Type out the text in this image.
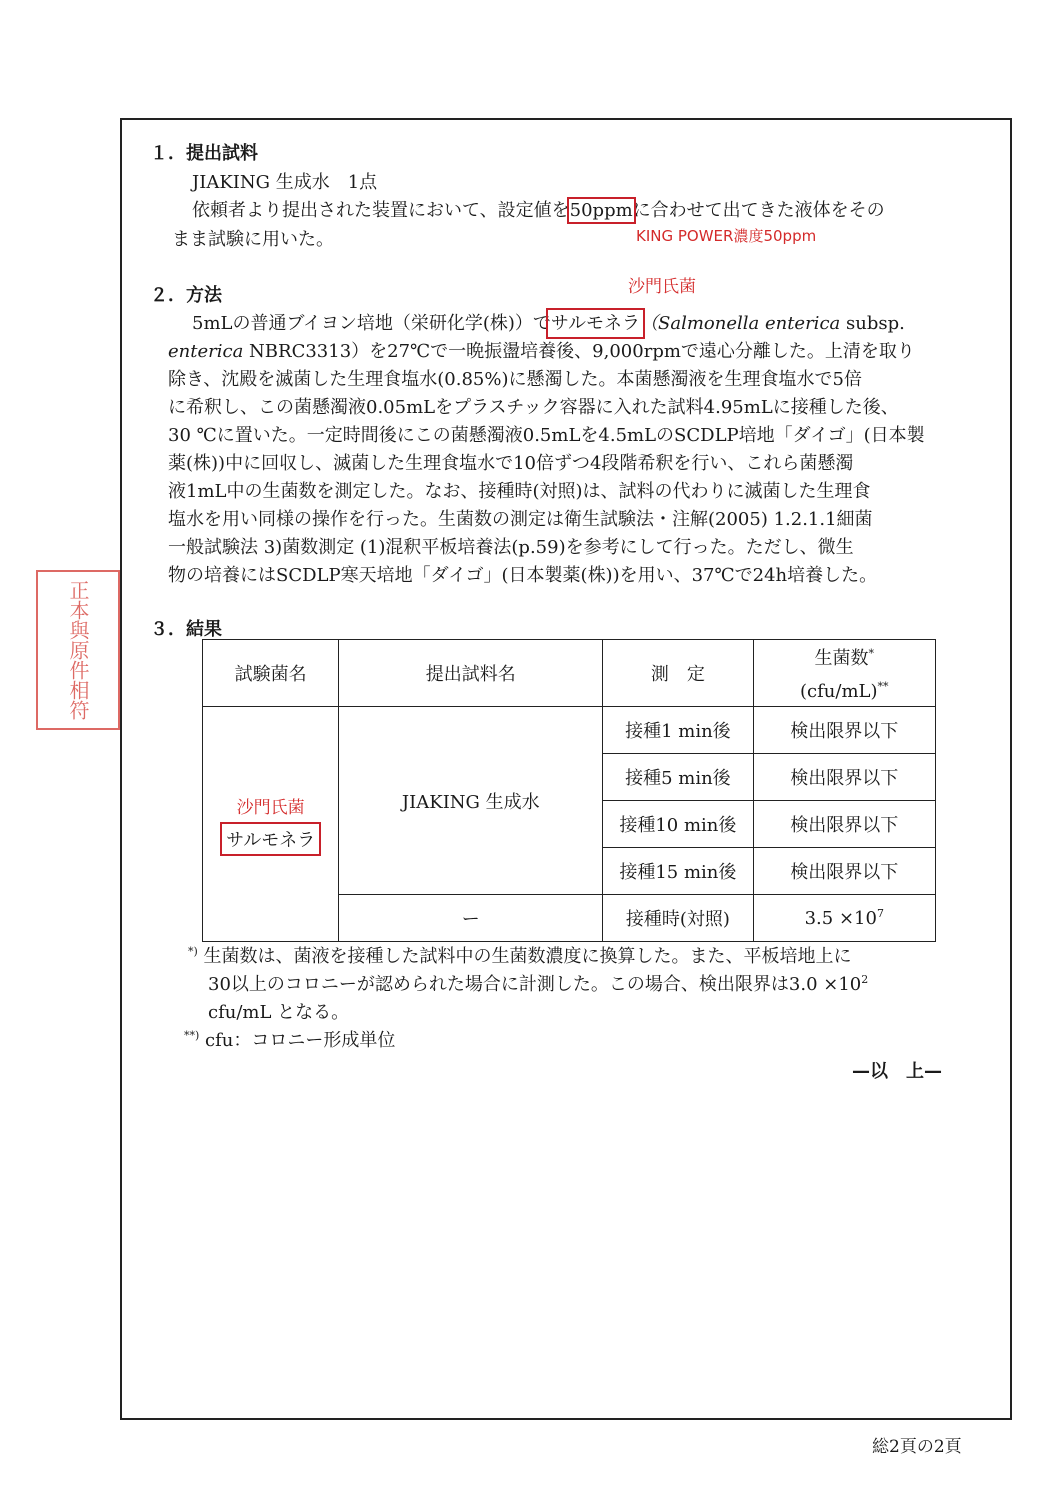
正本與原件相符
１．提出試料
JIAKING 生成水　1点
依頼者より提出された装置において、設定値を50ppmに合わせて出てきた液体をその
まま試験に用いた。	KING POWER濃度50ppm
沙門氏菌
２．方法
5mLの普通ブイヨン培地（栄研化学(株)）でサルモネラ（Salmonella enterica subsp.
enterica NBRC3313）を27℃で一晩振盪培養後、9,000rpmで遠心分離した。上清を取り
除き、沈殿を滅菌した生理食塩水(0.85%)に懸濁した。本菌懸濁液を生理食塩水で5倍
に希釈し、この菌懸濁液0.05mLをプラスチック容器に入れた試料4.95mLに接種した後、
30 ℃に置いた。一定時間後にこの菌懸濁液0.5mLを4.5mLのSCDLP培地「ダイゴ」(日本製
薬(株))中に回収し、滅菌した生理食塩水で10倍ずつ4段階希釈を行い、これら菌懸濁
液1mL中の生菌数を測定した。なお、接種時(対照)は、試料の代わりに滅菌した生理食
塩水を用い同様の操作を行った。生菌数の測定は衛生試験法・注解(2005) 1.2.1.1細菌
一般試験法 3)菌数測定 (1)混釈平板培養法(p.59)を参考にして行った。ただし、微生
物の培養にはSCDLP寒天培地「ダイゴ」(日本製薬(株))を用い、37℃で24h培養した。
３．結果
試験菌名	提出試料名	測　定	生菌数*
(cfu/mL)**

沙門氏菌
サルモネラ	JIAKING 生成水	接種1 min後	検出限界以下
		接種5 min後	検出限界以下
		接種10 min後	検出限界以下
		接種15 min後	検出限界以下
	ー	接種時(対照)	$3.5 \times 10^7$
*) 生菌数は、菌液を接種した試料中の生菌数濃度に換算した。また、平板培地上に
30以上のコロニーが認められた場合に計測した。この場合、検出限界は$3.0 \times 10^2$
cfu/mL となる。
**) cfu：コロニー形成単位
—以　上—
総2頁の2頁
